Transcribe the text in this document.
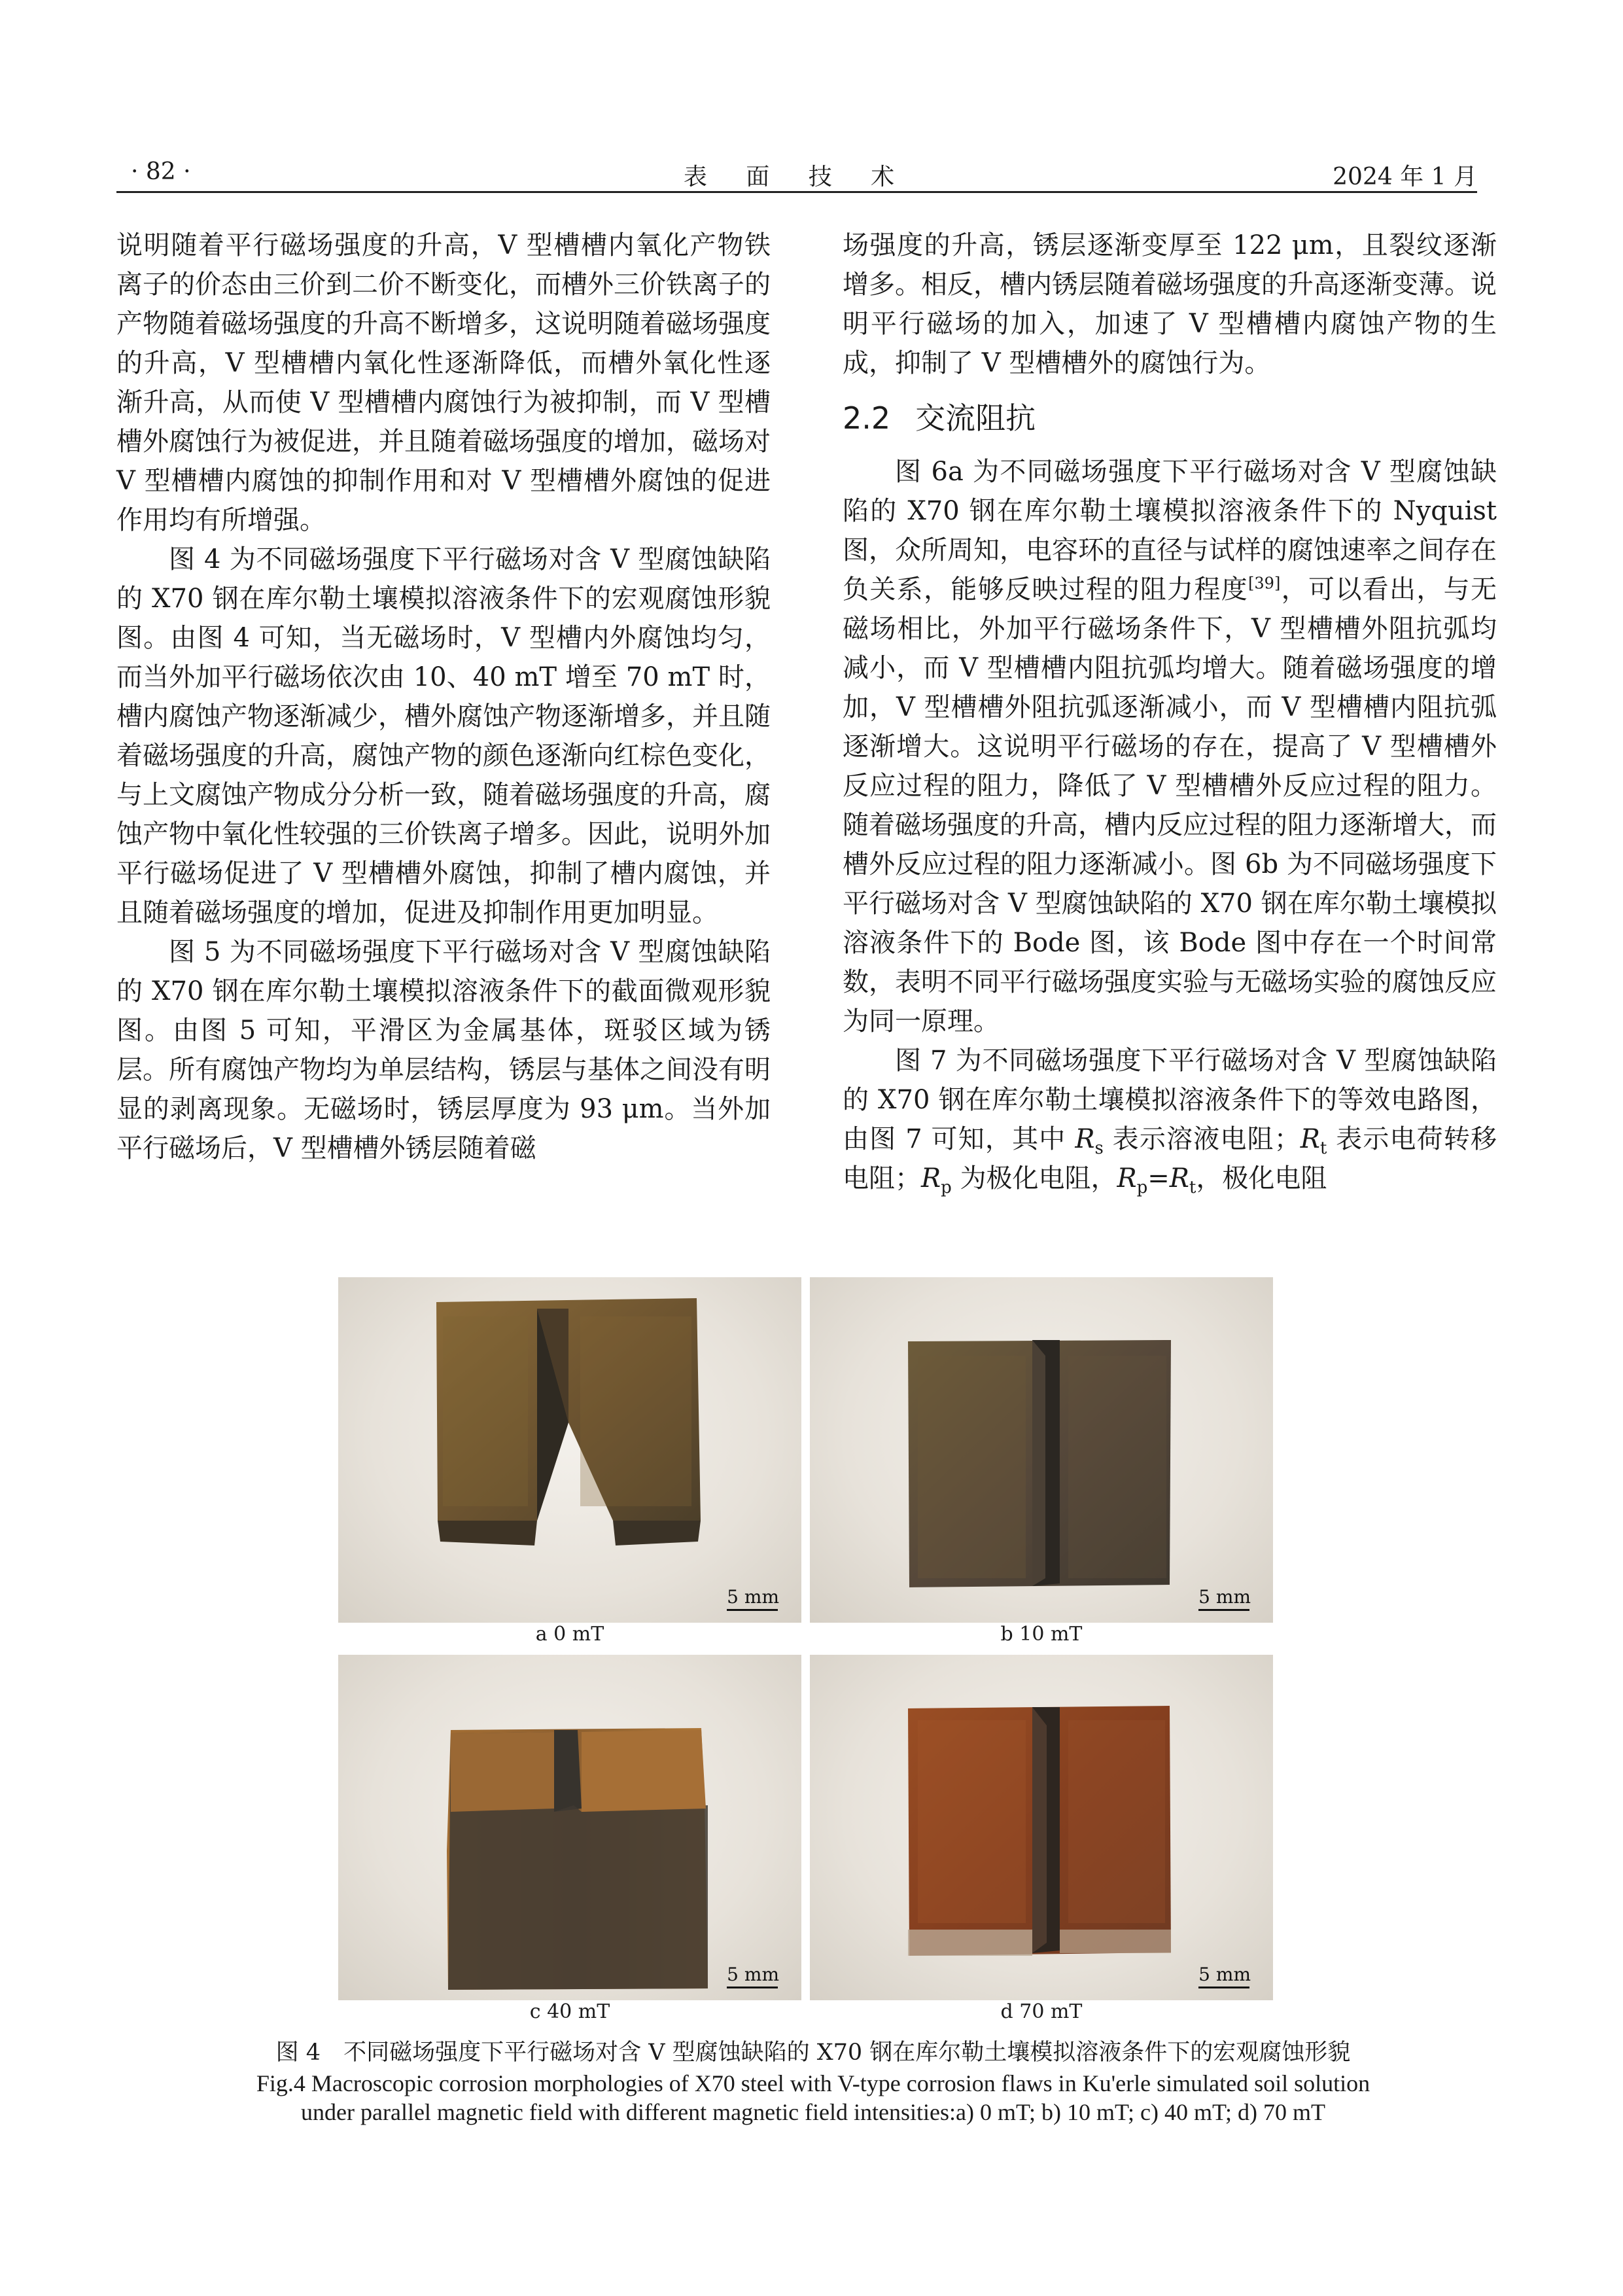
· 82 ·	表 面 技 术	2024 年 1 月

说明随着平行磁场强度的升高，V 型槽槽内氧化产物铁离子的价态由三价到二价不断变化，而槽外三价铁离子的产物随着磁场强度的升高不断增多，这说明随着磁场强度的升高，V 型槽槽内氧化性逐渐降低，而槽外氧化性逐渐升高，从而使 V 型槽槽内腐蚀行为被抑制，而 V 型槽槽外腐蚀行为被促进，并且随着磁场强度的增加，磁场对 V 型槽槽内腐蚀的抑制作用和对 V 型槽槽外腐蚀的促进作用均有所增强。

图 4 为不同磁场强度下平行磁场对含 V 型腐蚀缺陷的 X70 钢在库尔勒土壤模拟溶液条件下的宏观腐蚀形貌图。由图 4 可知，当无磁场时，V 型槽内外腐蚀均匀，而当外加平行磁场依次由 10、40 mT 增至 70 mT 时，槽内腐蚀产物逐渐减少，槽外腐蚀产物逐渐增多，并且随着磁场强度的升高，腐蚀产物的颜色逐渐向红棕色变化，与上文腐蚀产物成分分析一致，随着磁场强度的升高，腐蚀产物中氧化性较强的三价铁离子增多。因此，说明外加平行磁场促进了 V 型槽槽外腐蚀，抑制了槽内腐蚀，并且随着磁场强度的增加，促进及抑制作用更加明显。

图 5 为不同磁场强度下平行磁场对含 V 型腐蚀缺陷的 X70 钢在库尔勒土壤模拟溶液条件下的截面微观形貌图。由图 5 可知，平滑区为金属基体，斑驳区域为锈层。所有腐蚀产物均为单层结构，锈层与基体之间没有明显的剥离现象。无磁场时，锈层厚度为 93 μm。当外加平行磁场后，V 型槽槽外锈层随着磁

场强度的升高，锈层逐渐变厚至 122 μm，且裂纹逐渐增多。相反，槽内锈层随着磁场强度的升高逐渐变薄。说明平行磁场的加入，加速了 V 型槽槽内腐蚀产物的生成，抑制了 V 型槽槽外的腐蚀行为。

2.2 交流阻抗

图 6a 为不同磁场强度下平行磁场对含 V 型腐蚀缺陷的 X70 钢在库尔勒土壤模拟溶液条件下的 Nyquist 图，众所周知，电容环的直径与试样的腐蚀速率之间存在负关系，能够反映过程的阻力程度[39]，可以看出，与无磁场相比，外加平行磁场条件下，V 型槽槽外阻抗弧均减小，而 V 型槽槽内阻抗弧均增大。随着磁场强度的增加，V 型槽槽外阻抗弧逐渐减小，而 V 型槽槽内阻抗弧逐渐增大。这说明平行磁场的存在，提高了 V 型槽槽外反应过程的阻力，降低了 V 型槽槽外反应过程的阻力。随着磁场强度的升高，槽内反应过程的阻力逐渐增大，而槽外反应过程的阻力逐渐减小。图 6b 为不同磁场强度下平行磁场对含 V 型腐蚀缺陷的 X70 钢在库尔勒土壤模拟溶液条件下的 Bode 图，该 Bode 图中存在一个时间常数，表明不同平行磁场强度实验与无磁场实验的腐蚀反应为同一原理。

图 7 为不同磁场强度下平行磁场对含 V 型腐蚀缺陷的 X70 钢在库尔勒土壤模拟溶液条件下的等效电路图，由图 7 可知，其中 $R_s$ 表示溶液电阻；$R_t$ 表示电荷转移电阻；$R_p$ 为极化电阻，$R_p=R_t$，极化电阻

5 mm
a 0 mT
5 mm
b 10 mT
5 mm
c 40 mT
5 mm
d 70 mT
图 4　不同磁场强度下平行磁场对含 V 型腐蚀缺陷的 X70 钢在库尔勒土壤模拟溶液条件下的宏观腐蚀形貌
Fig.4 Macroscopic corrosion morphologies of X70 steel with V-type corrosion flaws in Ku'erle simulated soil solution
under parallel magnetic field with different magnetic field intensities:a) 0 mT; b) 10 mT; c) 40 mT; d) 70 mT
